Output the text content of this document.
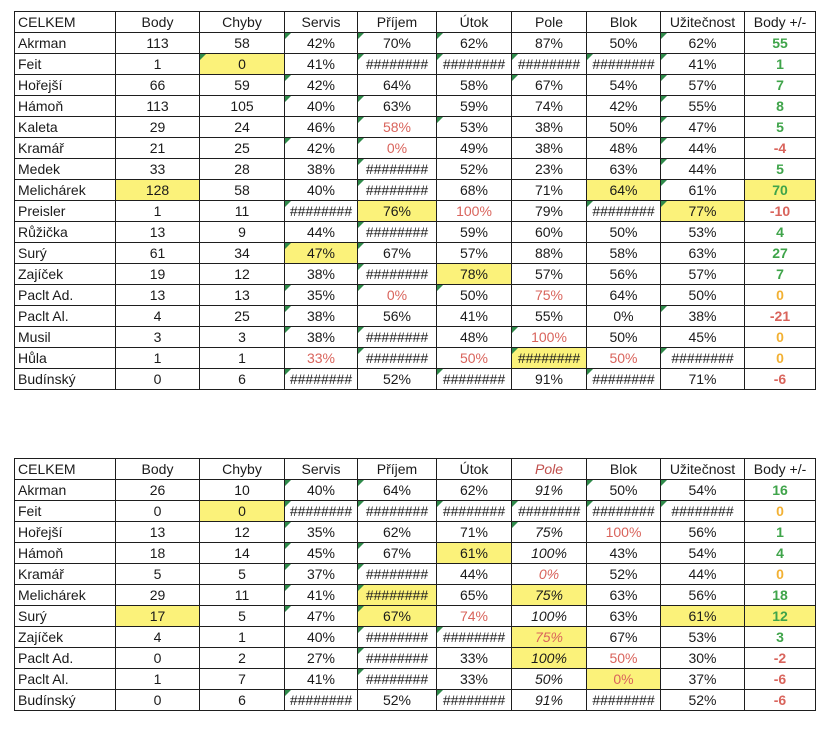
CELKEM	Body	Chyby	Servis	Příjem	Útok	Pole	Blok	Užitečnost	Body +/-
Akrman	113	58	42%	70%	62%	87%	50%	62%	55
Feit	1	0	41%	########	########	########	########	41%	1
Hořejší	66	59	42%	64%	58%	67%	54%	57%	7
Hámoň	113	105	40%	63%	59%	74%	42%	55%	8
Kaleta	29	24	46%	58%	53%	38%	50%	47%	5
Kramář	21	25	42%	0%	49%	38%	48%	44%	-4
Medek	33	28	38%	########	52%	23%	63%	44%	5
Melichárek	128	58	40%	########	68%	71%	64%	61%	70
Preisler	1	11	########	76%	100%	79%	########	77%	-10
Růžička	13	9	44%	########	59%	60%	50%	53%	4
Surý	61	34	47%	67%	57%	88%	58%	63%	27
Zajíček	19	12	38%	########	78%	57%	56%	57%	7
Paclt Ad.	13	13	35%	0%	50%	75%	64%	50%	0
Paclt Al.	4	25	38%	56%	41%	55%	0%	38%	-21
Musil	3	3	38%	########	48%	100%	50%	45%	0
Hůla	1	1	33%	########	50%	########	50%	########	0
Budínský	0	6	########	52%	########	91%	########	71%	-6
CELKEM	Body	Chyby	Servis	Příjem	Útok	Pole	Blok	Užitečnost	Body +/-
Akrman	26	10	40%	64%	62%	91%	50%	54%	16
Feit	0	0	########	########	########	########	########	########	0
Hořejší	13	12	35%	62%	71%	75%	100%	56%	1
Hámoň	18	14	45%	67%	61%	100%	43%	54%	4
Kramář	5	5	37%	########	44%	0%	52%	44%	0
Melichárek	29	11	41%	########	65%	75%	63%	56%	18
Surý	17	5	47%	67%	74%	100%	63%	61%	12
Zajíček	4	1	40%	########	########	75%	67%	53%	3
Paclt Ad.	0	2	27%	########	33%	100%	50%	30%	-2
Paclt Al.	1	7	41%	########	33%	50%	0%	37%	-6
Budínský	0	6	########	52%	########	91%	########	52%	-6
